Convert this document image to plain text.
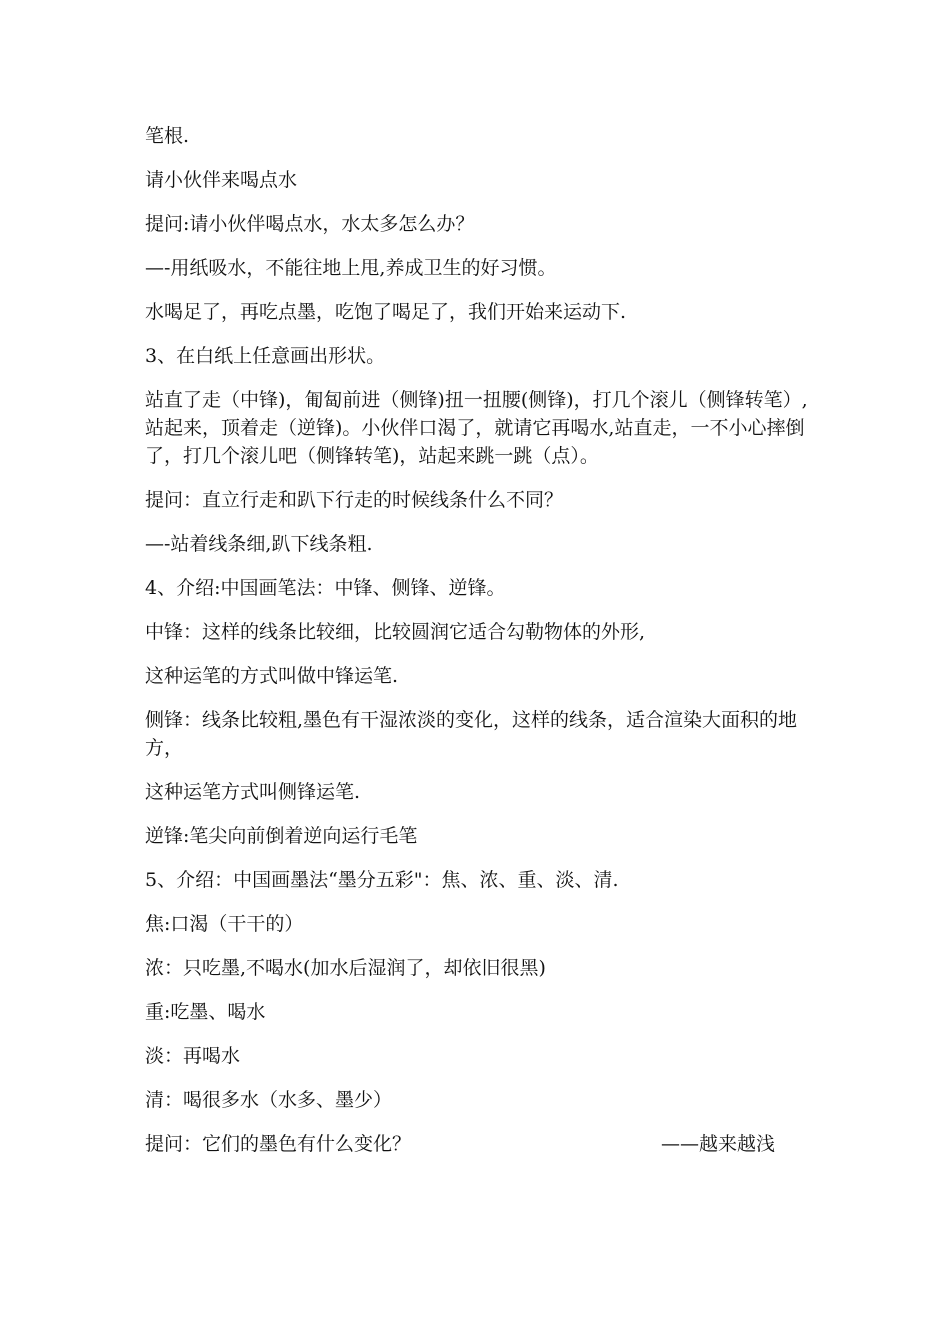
笔根.

请小伙伴来喝点水

提问:请小伙伴喝点水，水太多怎么办？

—-用纸吸水，不能往地上甩,养成卫生的好习惯。

水喝足了，再吃点墨，吃饱了喝足了，我们开始来运动下.

3、在白纸上任意画出形状。

站直了走（中锋)，匍匐前进（侧锋)扭一扭腰(侧锋)，打几个滚儿（侧锋转笔）,站起来，顶着走（逆锋)。小伙伴口渴了，就请它再喝水,站直走，一不小心摔倒了，打几个滚儿吧（侧锋转笔)，站起来跳一跳（点）。

提问：直立行走和趴下行走的时候线条什么不同？

—-站着线条细,趴下线条粗.

4、介绍:中国画笔法：中锋、侧锋、逆锋。

中锋：这样的线条比较细，比较圆润它适合勾勒物体的外形,

这种运笔的方式叫做中锋运笔.

侧锋：线条比较粗,墨色有干湿浓淡的变化，这样的线条，适合渲染大面积的地方，

这种运笔方式叫侧锋运笔.

逆锋:笔尖向前倒着逆向运行毛笔

5、介绍：中国画墨法“墨分五彩"：焦、浓、重、淡、清.

焦:口渴（干干的）

浓：只吃墨,不喝水(加水后湿润了，却依旧很黑)

重:吃墨、喝水

淡：再喝水

清：喝很多水（水多、墨少）

提问：它们的墨色有什么变化？	——越来越浅
